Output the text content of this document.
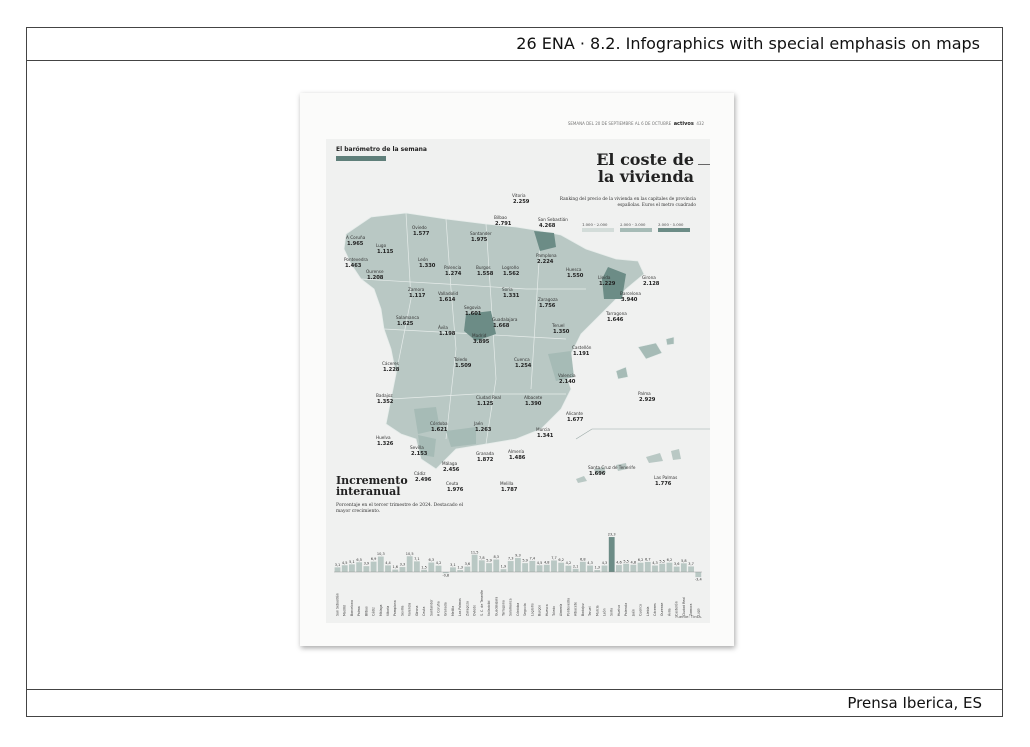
26 ENA · 8.2. Infographics with special emphasis on maps
Prensa Iberica, ES
SEMANA DEL 20 DE SEPTIEMBRE AL 6 DE OCTUBRE activos 432
El barómetro de la semana
El coste de
la vivienda
Ranking del precio de la vivienda en las capitales de provincia españolas. Euros el metro cuadrado
1.000 - 2.000	2.000 - 3.000	3.000 - 5.000
Vitoria
2.259
Bilbao
2.791
San Sebastián
4.268
Oviedo
1.577	Santander
1.975
A Coruña
1.965	Lugo
1.115
Pamplona
2.224
León
1.330
Pontevedra
1.463
Ourense
1.208
Palencia
1.274
Burgos
1.558
Logroño
1.562
Huesca
1.550	Lleida
1.229
Girona
2.128
Barcelona
3.940
Zamora
1.117	Valladolid
1.614
Soria
1.331
Zaragoza
1.756
Tarragona
1.646
Segovia
1.601
Salamanca
1.625
Guadalajara
1.668
Ávila
1.198	Madrid
3.895
Teruel
1.350
Castellón
1.191
Toledo
1.509
Cuenca
1.254
Cáceres
1.228
Valencia
2.140
Palma
2.929
Badajoz
1.352
Ciudad Real
1.125
Albacete
1.390
Alicante
1.677
Córdoba
1.621
Jaén
1.263	Murcia
1.341
Huelva
1.326
Sevilla
2.153	Granada
1.872
Almería
1.486
Málaga
2.456
Cádiz
2.496
Ceuta
1.976
Melilla
1.787
Santa Cruz de Tenerife
1.696
Las Palmas
1.776
Incremento
interanual
Porcentaje en el tercer trimestre de 2024. Destacado el mayor crecimiento.
3,1
San Sebastián
4,5
Madrid
5,1
Barcelona
6,5
Palma
3,9
Bilbao
6,9
Cádiz
10,3
Málaga
4,4
Vitoria
1,6
Pamplona
3,3
Sevilla
10,5
Valencia
7,1
Girona
1,5
Ceuta
6,3
Santander
4,2
A Coruña
-0,8
Granada
3,1
Melilla
1,3
Las Palmas
3,6
Zaragoza
11,5
Oviedo
7,8
S. C. de Tenerife
5,9
Valladolid
8,3
Guadalajara
1,9
Tarragona
7,3
Salamanca
9,3
Córdoba
5,9
Segovia
7,4
Logroño
4,5
Burgos
4,8
Huesca
7,7
Toledo
6,2
Almería
4,2
Pontevedra
2,1
Albacete
6,8
Badajoz
4,3
Teruel
1,3
Murcia
4,3
León
23,3
Soria
4,6
Huelva
5,5
Palencia
4,8
Jaén
6,2
Cuenca
6,7
Lleida
4,3
Cáceres
5,5
Ourense
6,2
Ávila
3,6
Castellón
5,8
Ciudad Real
3,7
Zamora
-3,4
Lugo
Fuente: Tinsa.
